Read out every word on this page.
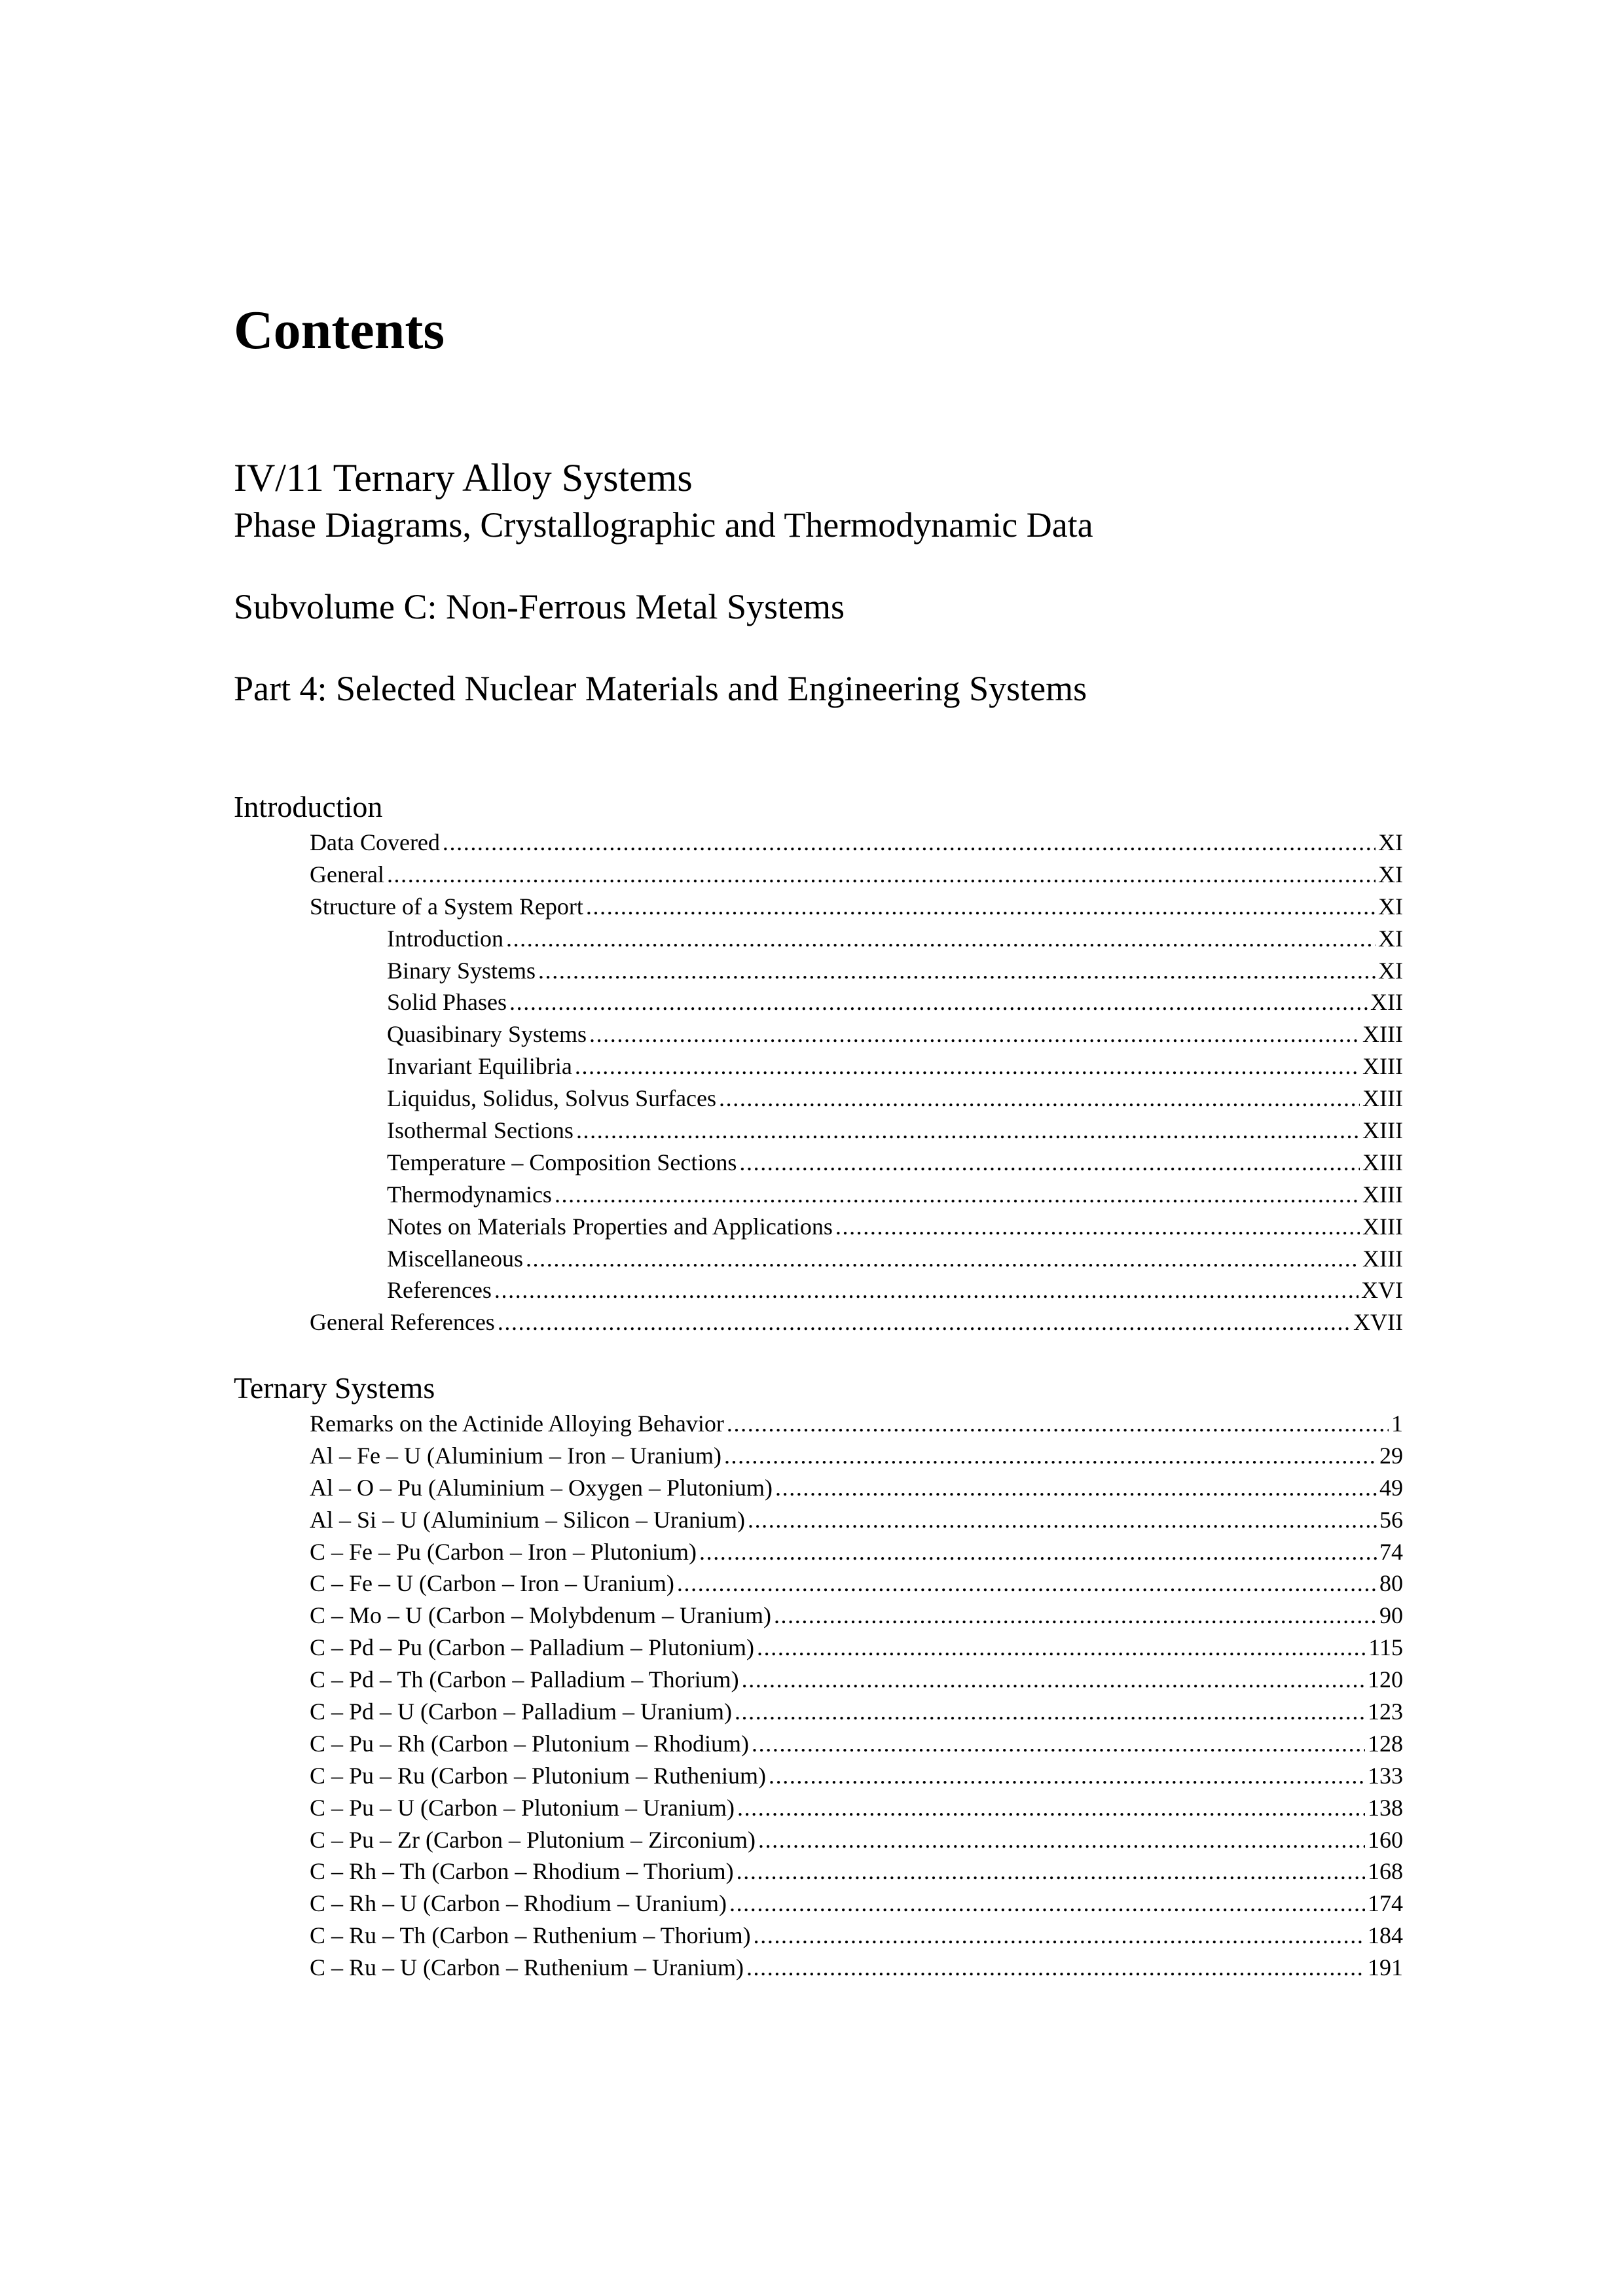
Contents
IV/11 Ternary Alloy Systems
Phase Diagrams, Crystallographic and Thermodynamic Data
Subvolume C: Non-Ferrous Metal Systems
Part 4: Selected Nuclear Materials and Engineering Systems
Introduction
Data Covered .....	XI
General .....	XI
Structure of a System Report .....	XI
Introduction .....	XI
Binary Systems .....	XI
Solid Phases .....	XII
Quasibinary Systems .....	XIII
Invariant Equilibria .....	XIII
Liquidus, Solidus, Solvus Surfaces .....	XIII
Isothermal Sections .....	XIII
Temperature – Composition Sections .....	XIII
Thermodynamics .....	XIII
Notes on Materials Properties and Applications .....	XIII
Miscellaneous .....	XIII
References .....	XVI
General References .....	XVII
Ternary Systems
Remarks on the Actinide Alloying Behavior .....	1
Al – Fe – U (Aluminium – Iron – Uranium) .....	29
Al – O – Pu (Aluminium – Oxygen – Plutonium) .....	49
Al – Si – U (Aluminium – Silicon – Uranium) .....	56
C – Fe – Pu (Carbon – Iron – Plutonium) .....	74
C – Fe – U (Carbon – Iron – Uranium) .....	80
C – Mo – U (Carbon – Molybdenum – Uranium) .....	90
C – Pd – Pu (Carbon – Palladium – Plutonium) .....	115
C – Pd – Th (Carbon – Palladium – Thorium) .....	120
C – Pd – U (Carbon – Palladium – Uranium) .....	123
C – Pu – Rh (Carbon – Plutonium – Rhodium) .....	128
C – Pu – Ru (Carbon – Plutonium – Ruthenium) .....	133
C – Pu – U (Carbon – Plutonium – Uranium) .....	138
C – Pu – Zr (Carbon – Plutonium – Zirconium) .....	160
C – Rh – Th (Carbon – Rhodium – Thorium) .....	168
C – Rh – U (Carbon – Rhodium – Uranium) .....	174
C – Ru – Th (Carbon – Ruthenium – Thorium) .....	184
C – Ru – U (Carbon – Ruthenium – Uranium) .....	191
